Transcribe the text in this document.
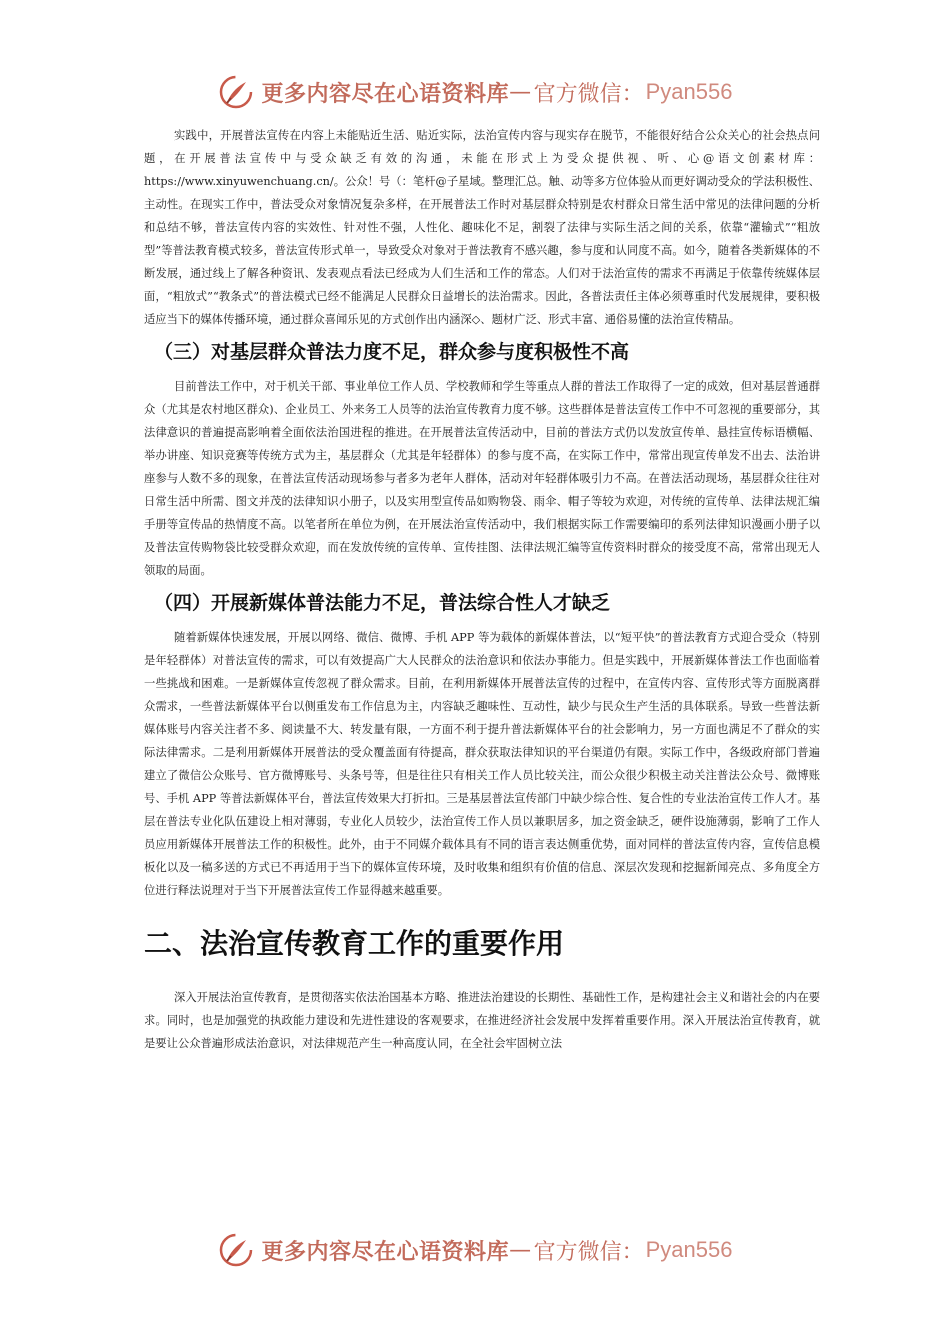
更多内容尽在心语资料库 — 官方微信： Pyan556

实践中，开展普法宣传在内容上未能贴近生活、贴近实际，法治宣传内容与现实存在脱节，不能很好结合公众关心的社会热点问题，在开展普法宣传中与受众缺乏有效的沟通，未能在形式上为受众提供视、听、心@语文创素材库：https://www.xinyuwenchuang.cn/。公众！号（：笔杆@子星域。整理汇总。触、动等多方位体验从而更好调动受众的学法积极性、主动性。在现实工作中，普法受众对象情况复杂多样，在开展普法工作时对基层群众特别是农村群众日常生活中常见的法律问题的分析和总结不够，普法宣传内容的实效性、针对性不强，人性化、趣味化不足，割裂了法律与实际生活之间的关系，依靠“灌输式”“粗放型”等普法教育模式较多，普法宣传形式单一，导致受众对象对于普法教育不感兴趣，参与度和认同度不高。如今，随着各类新媒体的不断发展，通过线上了解各种资讯、发表观点看法已经成为人们生活和工作的常态。人们对于法治宣传的需求不再满足于依靠传统媒体层面，“粗放式”“教条式”的普法模式已经不能满足人民群众日益增长的法治需求。因此，各普法责任主体必须尊重时代发展规律，要积极适应当下的媒体传播环境，通过群众喜闻乐见的方式创作出内涵深◇、题材广泛、形式丰富、通俗易懂的法治宣传精品。

（三）对基层群众普法力度不足，群众参与度积极性不高

目前普法工作中，对于机关干部、事业单位工作人员、学校教师和学生等重点人群的普法工作取得了一定的成效，但对基层普通群众（尤其是农村地区群众)、企业员工、外来务工人员等的法治宣传教育力度不够。这些群体是普法宣传工作中不可忽视的重要部分，其法律意识的普遍提高影响着全面依法治国进程的推进。在开展普法宣传活动中，目前的普法方式仍以发放宣传单、悬挂宣传标语横幅、举办讲座、知识竞赛等传统方式为主，基层群众（尤其是年轻群体）的参与度不高，在实际工作中，常常出现宣传单发不出去、法治讲座参与人数不多的现象，在普法宣传活动现场参与者多为老年人群体，活动对年轻群体吸引力不高。在普法活动现场，基层群众往往对日常生活中所需、图文并茂的法律知识小册子，以及实用型宣传品如购物袋、雨伞、帽子等较为欢迎，对传统的宣传单、法律法规汇编手册等宣传品的热情度不高。以笔者所在单位为例，在开展法治宣传活动中，我们根据实际工作需要编印的系列法律知识漫画小册子以及普法宣传购物袋比较受群众欢迎，而在发放传统的宣传单、宣传挂图、法律法规汇编等宣传资料时群众的接受度不高，常常出现无人领取的局面。

（四）开展新媒体普法能力不足，普法综合性人才缺乏

随着新媒体快速发展，开展以网络、微信、微博、手机 APP 等为载体的新媒体普法，以“短平快”的普法教育方式迎合受众（特别是年轻群体）对普法宣传的需求，可以有效提高广大人民群众的法治意识和依法办事能力。但是实践中，开展新媒体普法工作也面临着一些挑战和困难。一是新媒体宣传忽视了群众需求。目前，在利用新媒体开展普法宣传的过程中，在宣传内容、宣传形式等方面脱离群众需求，一些普法新媒体平台以侧重发布工作信息为主，内容缺乏趣味性、互动性，缺少与民众生产生活的具体联系。导致一些普法新媒体账号内容关注者不多、阅读量不大、转发量有限，一方面不利于提升普法新媒体平台的社会影响力，另一方面也满足不了群众的实际法律需求。二是利用新媒体开展普法的受众覆盖面有待提高，群众获取法律知识的平台渠道仍有限。实际工作中，各级政府部门普遍建立了微信公众账号、官方微博账号、头条号等，但是往往只有相关工作人员比较关注，而公众很少积极主动关注普法公众号、微博账号、手机 APP 等普法新媒体平台，普法宣传效果大打折扣。三是基层普法宣传部门中缺少综合性、复合性的专业法治宣传工作人才。基层在普法专业化队伍建设上相对薄弱，专业化人员较少，法治宣传工作人员以兼职居多，加之资金缺乏，硬件设施薄弱，影响了工作人员应用新媒体开展普法工作的积极性。此外，由于不同媒介载体具有不同的语言表达侧重优势，面对同样的普法宣传内容，宣传信息模板化以及一稿多送的方式已不再适用于当下的媒体宣传环境，及时收集和组织有价值的信息、深层次发现和挖掘新闻亮点、多角度全方位进行释法说理对于当下开展普法宣传工作显得越来越重要。

二、法治宣传教育工作的重要作用

深入开展法治宣传教育，是贯彻落实依法治国基本方略、推进法治建设的长期性、基础性工作，是构建社会主义和谐社会的内在要求。同时，也是加强党的执政能力建设和先进性建设的客观要求，在推进经济社会发展中发挥着重要作用。深入开展法治宣传教育，就是要让公众普遍形成法治意识，对法律规范产生一种高度认同，在全社会牢固树立法

更多内容尽在心语资料库 — 官方微信： Pyan556
